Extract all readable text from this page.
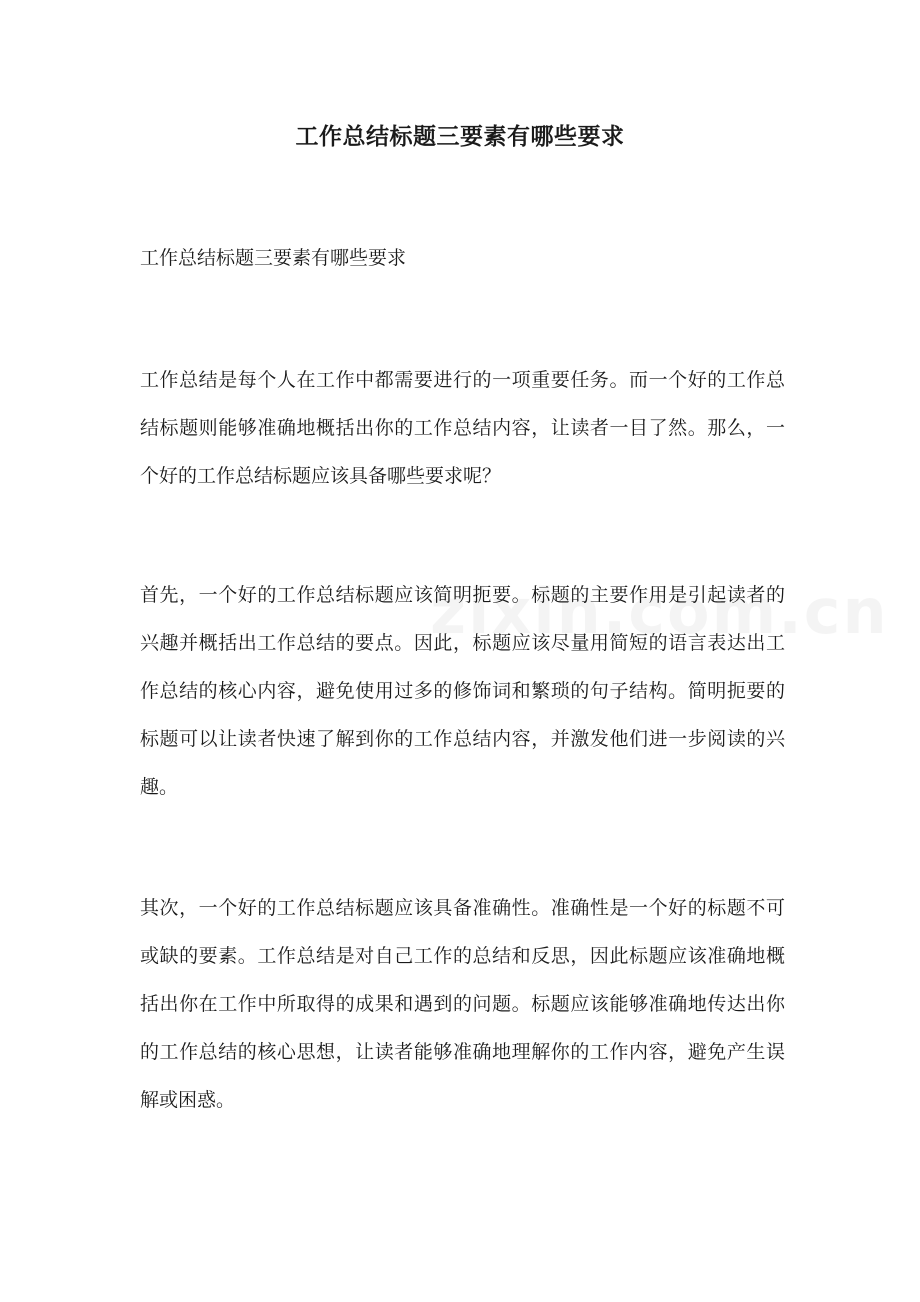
工作总结标题三要素有哪些要求
工作总结标题三要素有哪些要求

工作总结是每个人在工作中都需要进行的一项重要任务。而一个好的工作总结标题则能够准确地概括出你的工作总结内容，让读者一目了然。那么，一个好的工作总结标题应该具备哪些要求呢？

首先，一个好的工作总结标题应该简明扼要。标题的主要作用是引起读者的兴趣并概括出工作总结的要点。因此，标题应该尽量用简短的语言表达出工作总结的核心内容，避免使用过多的修饰词和繁琐的句子结构。简明扼要的标题可以让读者快速了解到你的工作总结内容，并激发他们进一步阅读的兴趣。

其次，一个好的工作总结标题应该具备准确性。准确性是一个好的标题不可或缺的要素。工作总结是对自己工作的总结和反思，因此标题应该准确地概括出你在工作中所取得的成果和遇到的问题。标题应该能够准确地传达出你的工作总结的核心思想，让读者能够准确地理解你的工作内容，避免产生误解或困惑。
